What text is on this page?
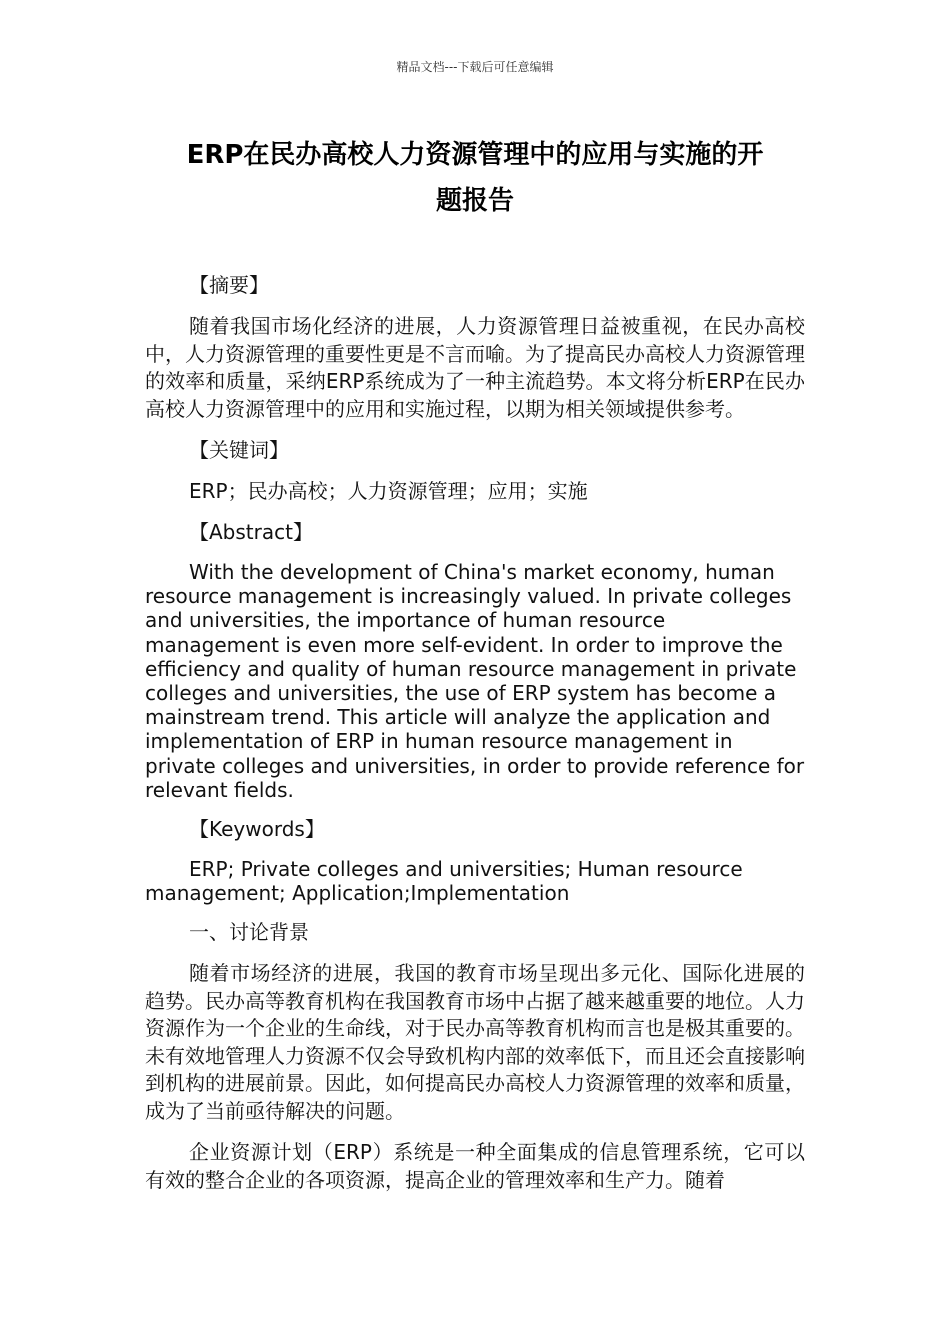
精品文档---下载后可任意编辑
ERP在民办高校人力资源管理中的应用与实施的开
题报告

【摘要】

随着我国市场化经济的进展，人力资源管理日益被重视，在民办高校中，人力资源管理的重要性更是不言而喻。为了提高民办高校人力资源管理的效率和质量，采纳ERP系统成为了一种主流趋势。本文将分析ERP在民办高校人力资源管理中的应用和实施过程，以期为相关领域提供参考。

【关键词】

ERP；民办高校；人力资源管理；应用；实施

【Abstract】

With the development of China's market economy, human resource management is increasingly valued. In private colleges and universities, the importance of human resource management is even more self-evident. In order to improve the efficiency and quality of human resource management in private colleges and universities, the use of ERP system has become a mainstream trend. This article will analyze the application and implementation of ERP in human resource management in private colleges and universities, in order to provide reference for relevant fields.

【Keywords】

ERP; Private colleges and universities; Human resource management; Application;Implementation

一、讨论背景

随着市场经济的进展，我国的教育市场呈现出多元化、国际化进展的趋势。民办高等教育机构在我国教育市场中占据了越来越重要的地位。人力资源作为一个企业的生命线，对于民办高等教育机构而言也是极其重要的。未有效地管理人力资源不仅会导致机构内部的效率低下，而且还会直接影响到机构的进展前景。因此，如何提高民办高校人力资源管理的效率和质量，成为了当前亟待解决的问题。

企业资源计划（ERP）系统是一种全面集成的信息管理系统，它可以有效的整合企业的各项资源，提高企业的管理效率和生产力。随着
